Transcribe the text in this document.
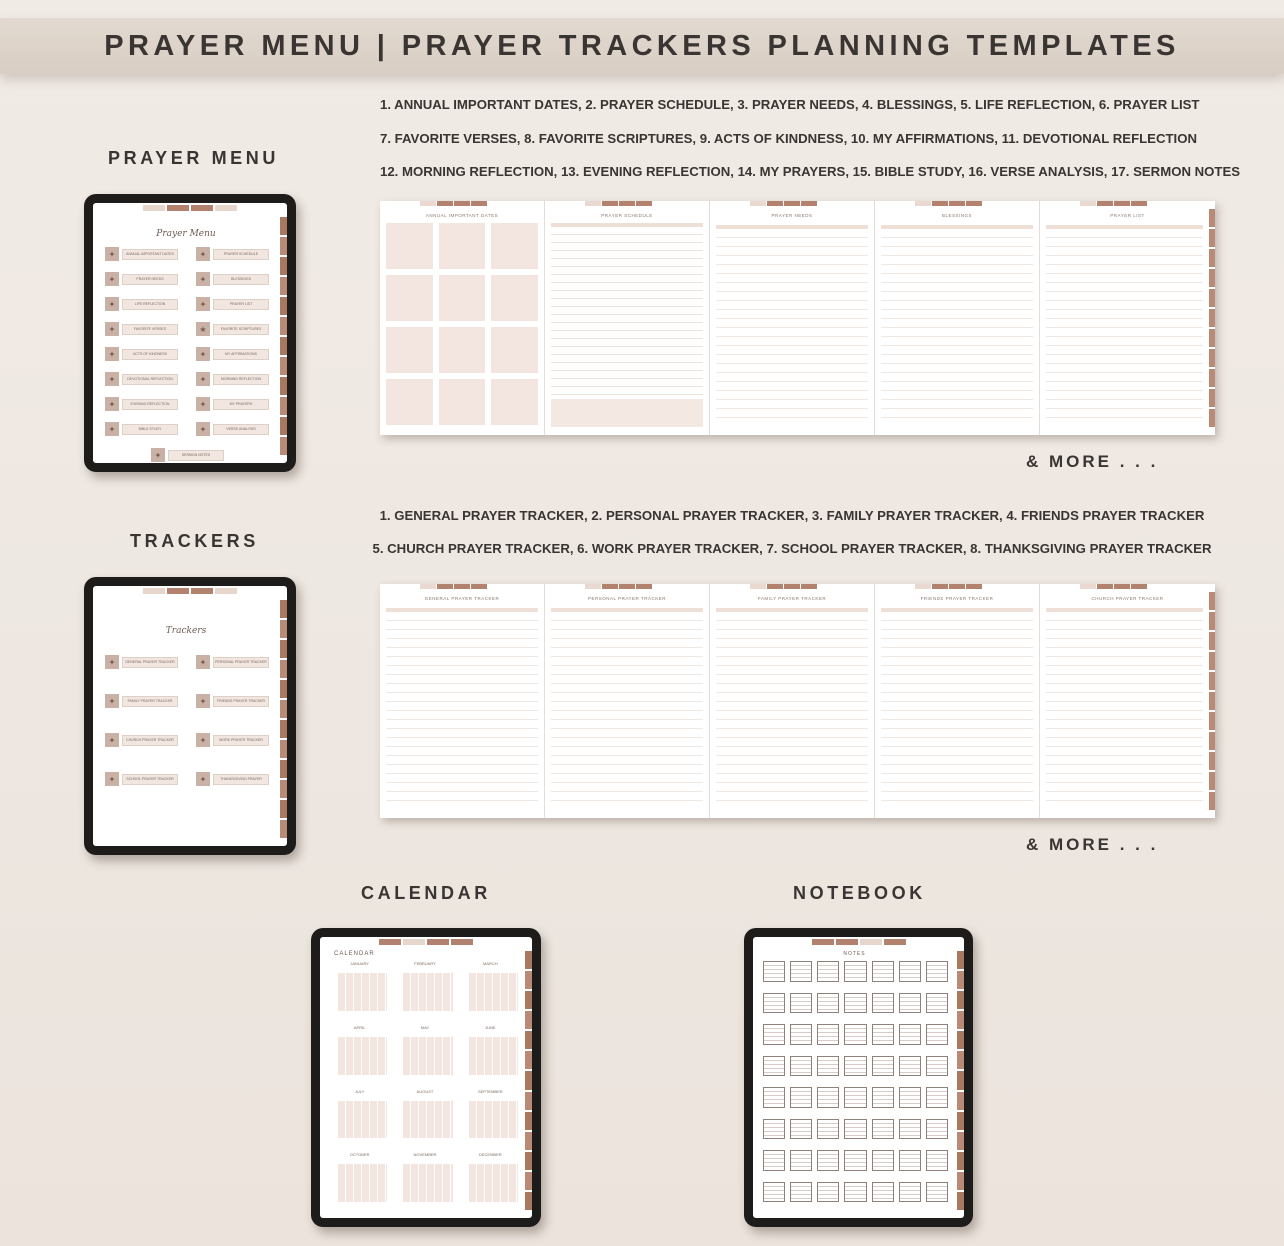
PRAYER MENU | PRAYER TRACKERS PLANNING TEMPLATES
PRAYER MENU
1. ANNUAL IMPORTANT DATES, 2. PRAYER SCHEDULE, 3. PRAYER NEEDS, 4. BLESSINGS, 5. LIFE REFLECTION, 6. PRAYER LIST
7. FAVORITE VERSES, 8. FAVORITE SCRIPTURES, 9. ACTS OF KINDNESS, 10. MY AFFIRMATIONS, 11. DEVOTIONAL REFLECTION
12. MORNING REFLECTION, 13. EVENING REFLECTION, 14. MY PRAYERS, 15. BIBLE STUDY, 16. VERSE ANALYSIS, 17. SERMON NOTES
Prayer Menu
✦	ANNUAL IMPORTANT DATES	✦	PRAYER SCHEDULE
✦	PRAYER NEEDS	✦	BLESSINGS
✦	LIFE REFLECTION	✦	PRAYER LIST
✦	FAVORITE VERSES	★	FAVORITE SCRIPTURES
✦	ACTS OF KINDNESS	✦	MY AFFIRMATIONS
✦	DEVOTIONAL REFLECTION	✦	MORNING REFLECTION
✦	EVENING REFLECTION	✦	MY PRAYERS
✦	BIBLE STUDY	✦	VERSE ANALYSIS
✦	SERMON NOTES
ANNUAL IMPORTANT DATES	PRAYER SCHEDULE	PRAYER NEEDS	BLESSINGS	PRAYER LIST
& MORE . . .
TRACKERS
1. GENERAL PRAYER TRACKER, 2. PERSONAL PRAYER TRACKER, 3. FAMILY PRAYER TRACKER, 4. FRIENDS PRAYER TRACKER
5. CHURCH PRAYER TRACKER, 6. WORK PRAYER TRACKER, 7. SCHOOL PRAYER TRACKER, 8. THANKSGIVING PRAYER TRACKER
Trackers
✦	GENERAL PRAYER TRACKER	✦	PERSONAL PRAYER TRACKER
✦	FAMILY PRAYER TRACKER	✦	FRIENDS PRAYER TRACKER
✦	CHURCH PRAYER TRACKER	✦	WORK PRAYER TRACKER
✦	SCHOOL PRAYER TRACKER	✦	THANKSGIVING PRAYER
GENERAL PRAYER TRACKER	PERSONAL PRAYER TRACKER	FAMILY PRAYER TRACKER	FRIENDS PRAYER TRACKER	CHURCH PRAYER TRACKER
& MORE . . .
CALENDAR
CALENDAR
JANUARY	FEBRUARY	MARCH
APRIL	MAY	JUNE
JULY	AUGUST	SEPTEMBER
OCTOBER	NOVEMBER	DECEMBER
NOTEBOOK
NOTES
